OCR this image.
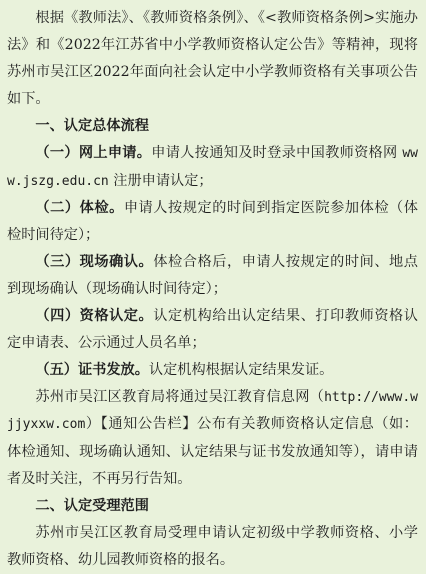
根据《教师法》、《教师资格条例》、《<教师资格条例>实施办法》和《2022年江苏省中小学教师资格认定公告》等精神，现将苏州市吴江区2022年面向社会认定中小学教师资格有关事项公告如下。

一、认定总体流程

（一）网上申请。申请人按通知及时登录中国教师资格网 www.jszg.edu.cn 注册申请认定；

（二）体检。申请人按规定的时间到指定医院参加体检（体检时间待定）；

（三）现场确认。体检合格后，申请人按规定的时间、地点到现场确认（现场确认时间待定）；

（四）资格认定。认定机构给出认定结果、打印教师资格认定申请表、公示通过人员名单；

（五）证书发放。认定机构根据认定结果发证。

苏州市吴江区教育局将通过吴江教育信息网（http://www.wjjyxxw.com）【通知公告栏】公布有关教师资格认定信息（如：体检通知、现场确认通知、认定结果与证书发放通知等），请申请者及时关注，不再另行告知。

二、认定受理范围

苏州市吴江区教育局受理申请认定初级中学教师资格、小学教师资格、幼儿园教师资格的报名。
